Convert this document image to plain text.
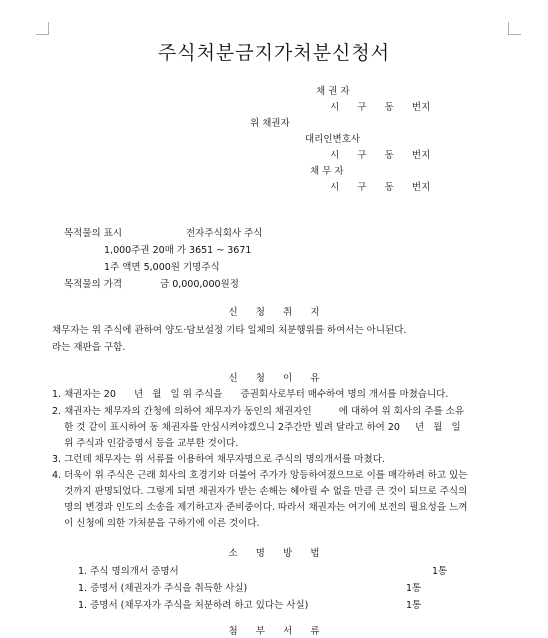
주식처분금지가처분신청서
채 권 자
시      구      동      번지
위 채권자
대리인변호사
시      구      동      번지
채 무 자
시      구      동      번지
목적물의 표시	전자주식회사 주식
1,000주권 20매 가 3651 ~ 3671
1주 액면 5,000원 기명주식
목적물의 가격	금 0,000,000원정
신      청      취      지
채무자는 위 주식에 관하여 양도·담보설정 기타 일체의 처분행위를 하여서는 아니된다.
라는 재판을 구함.
신      청      이      유
1. 채권자는 20      년   월   일 위 주식을      증권회사로부터 매수하여 명의 개서를 마쳤습니다.
2. 채권자는 채무자의 간청에 의하여 채무자가 동인의 채권자인         에 대하여 위 회사의 주를 소유
한 것 같이 표시하여 동 채권자를 안심시켜야겠으니 2주간만 빌려 달라고 하여 20     년   월   일
위 주식과 인감증명서 등을 교부한 것이다.
3. 그런데 채무자는 위 서류를 이용하여 채무자명으로 주식의 명의개서를 마쳤다.
4. 더욱이 위 주식은 근래 회사의 호경기와 더불어 주가가 앙등하여졌으므로 이를 매각하려 하고 있는
것까지 판명되었다. 그렇게 되면 채권자가 받는 손해는 헤아릴 수 없을 만큼 큰 것이 되므로 주식의
명의 변경과 인도의 소송을 제기하고자 준비중이다. 따라서 채권자는 여기에 보전의 필요성을 느껴
이 신청에 의한 가처분을 구하기에 이른 것이다.
소      명      방      법
1. 주식 명의개서 증명서	1통
1. 증명서 (채권자가 주식을 취득한 사실)	1통
1. 증명서 (채무자가 주식을 처분하려 하고 있다는 사실)	1통
첨      부      서      류
